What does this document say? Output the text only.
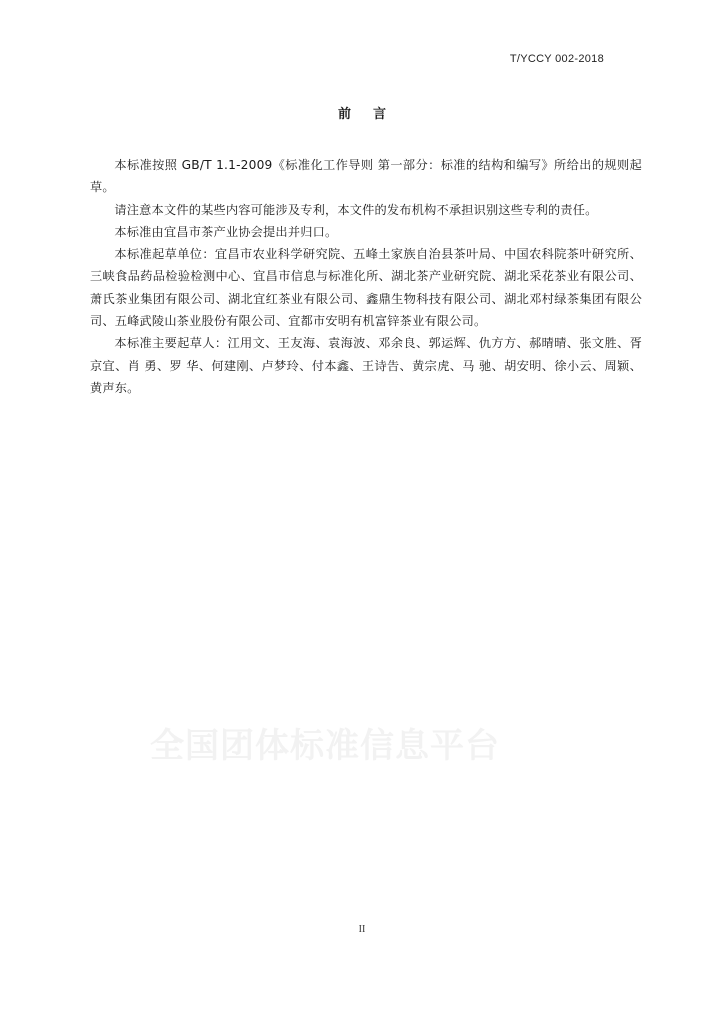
T/YCCY 002-2018
前言

本标准按照 GB/T 1.1-2009《标准化工作导则 第一部分：标准的结构和编写》所给出的规则起草。

请注意本文件的某些内容可能涉及专利，本文件的发布机构不承担识别这些专利的责任。

本标准由宜昌市茶产业协会提出并归口。

本标准起草单位：宜昌市农业科学研究院、五峰土家族自治县茶叶局、中国农科院茶叶研究所、三峡食品药品检验检测中心、宜昌市信息与标准化所、湖北茶产业研究院、湖北采花茶业有限公司、萧氏茶业集团有限公司、湖北宜红茶业有限公司、鑫鼎生物科技有限公司、湖北邓村绿茶集团有限公司、五峰武陵山茶业股份有限公司、宜都市安明有机富锌茶业有限公司。

本标准主要起草人：江用文、王友海、袁海波、邓余良、郭运辉、仇方方、郝晴晴、张文胜、胥京宜、肖 勇、罗 华、何建刚、卢梦玲、付本鑫、王诗告、黄宗虎、马 驰、胡安明、徐小云、周颖、黄声东。

全国团体标准信息平台
II
